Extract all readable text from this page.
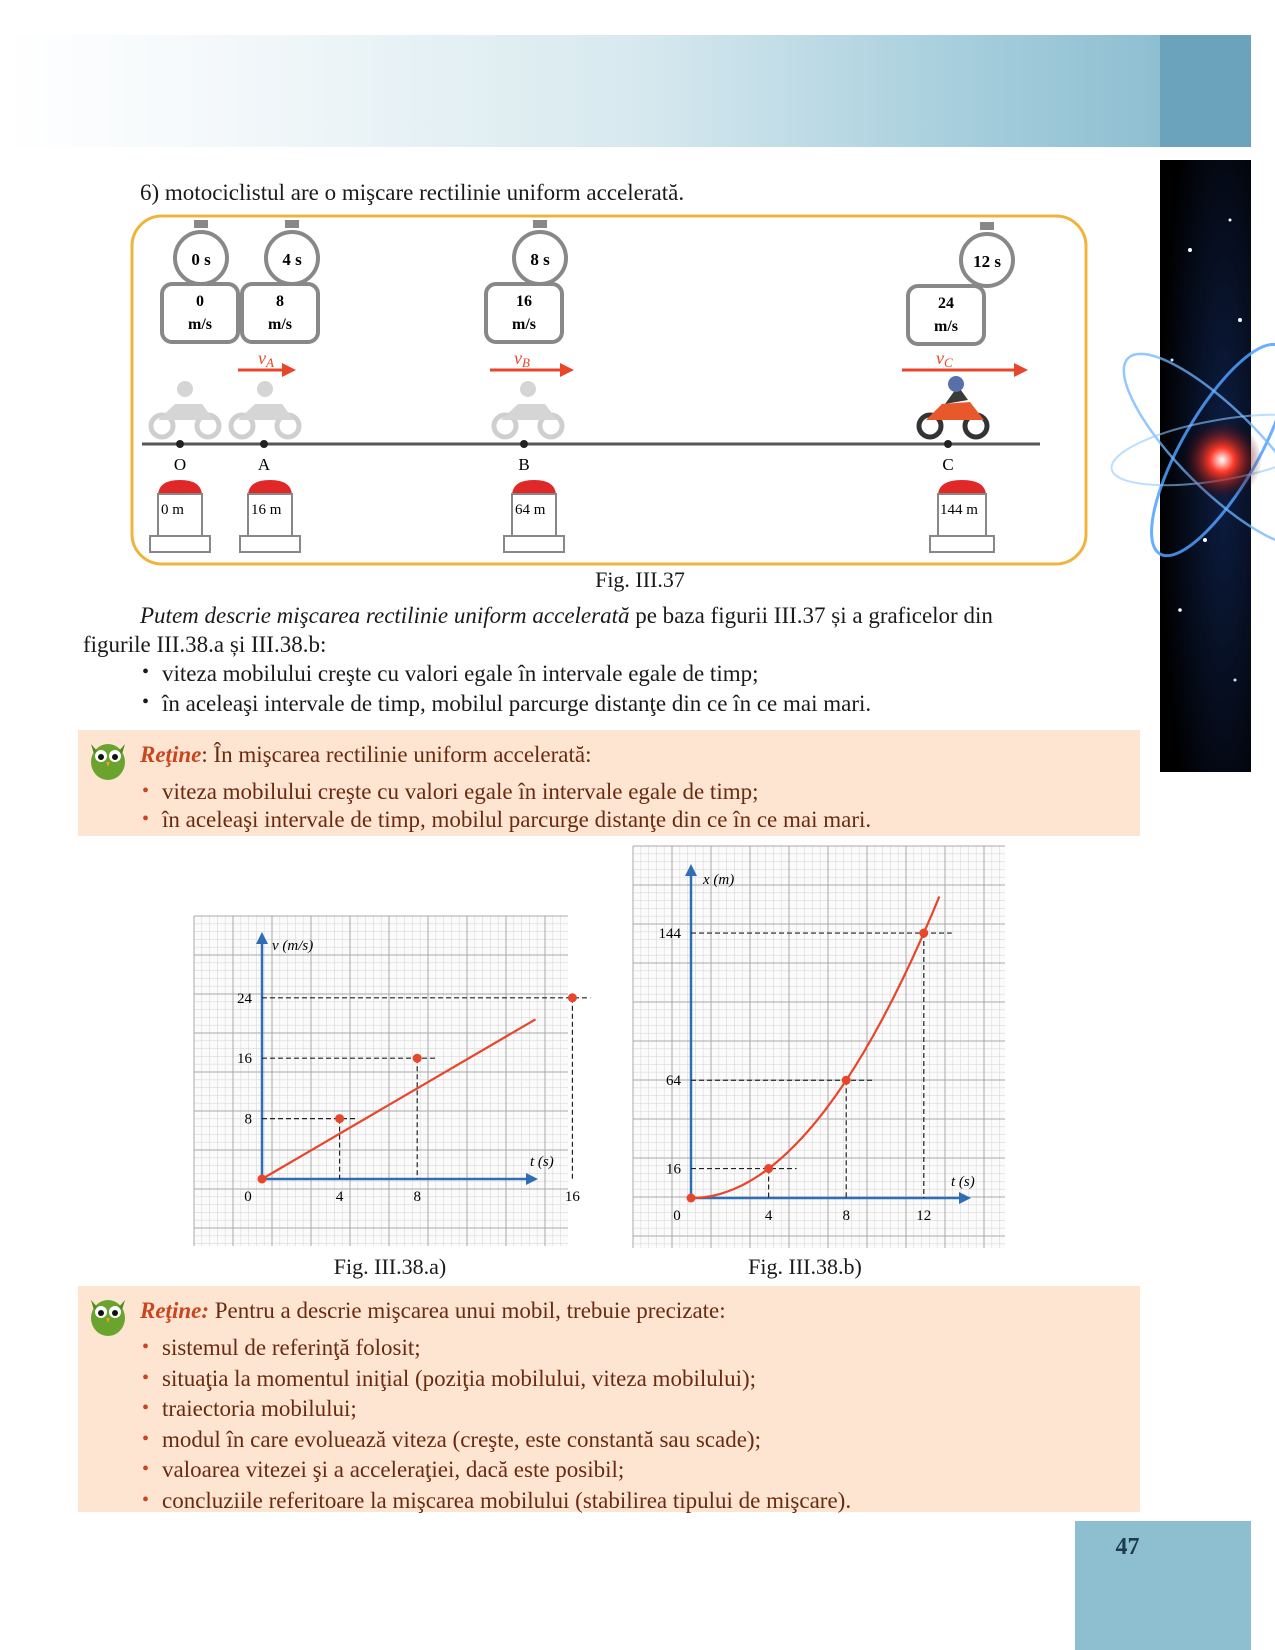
6) motociclistul are o mişcare rectilinie uniform accelerată.
0 s	4 s	8 s	12 s
0
m/s
8
m/s
16
m/s
24
m/s
vA	vB	vC
O	A	B	C
0 m	16 m	64 m	144 m
Fig. III.37
Putem descrie mişcarea rectilinie uniform accelerată pe baza figurii III.37 și a graficelor din
figurile III.38.a și III.38.b:
• viteza mobilului creşte cu valori egale în intervale egale de timp;
• în aceleaşi intervale de timp, mobilul parcurge distanţe din ce în ce mai mari.
Reţine: În mişcarea rectilinie uniform accelerată:
• viteza mobilului creşte cu valori egale în intervale egale de timp;
• în aceleaşi intervale de timp, mobilul parcurge distanţe din ce în ce mai mari.
t (s)
v (m/s)
0	4	8	16
8
16
24
Fig. III.38.a)
t (s)
x (m)
0	4	8	12
16
64
144
Fig. III.38.b)
Reţine: Pentru a descrie mişcarea unui mobil, trebuie precizate:
• sistemul de referinţă folosit;
• situaţia la momentul iniţial (poziţia mobilului, viteza mobilului);
• traiectoria mobilului;
• modul în care evoluează viteza (creşte, este constantă sau scade);
• valoarea vitezei şi a acceleraţiei, dacă este posibil;
• concluziile referitoare la mişcarea mobilului (stabilirea tipului de mişcare).
47
